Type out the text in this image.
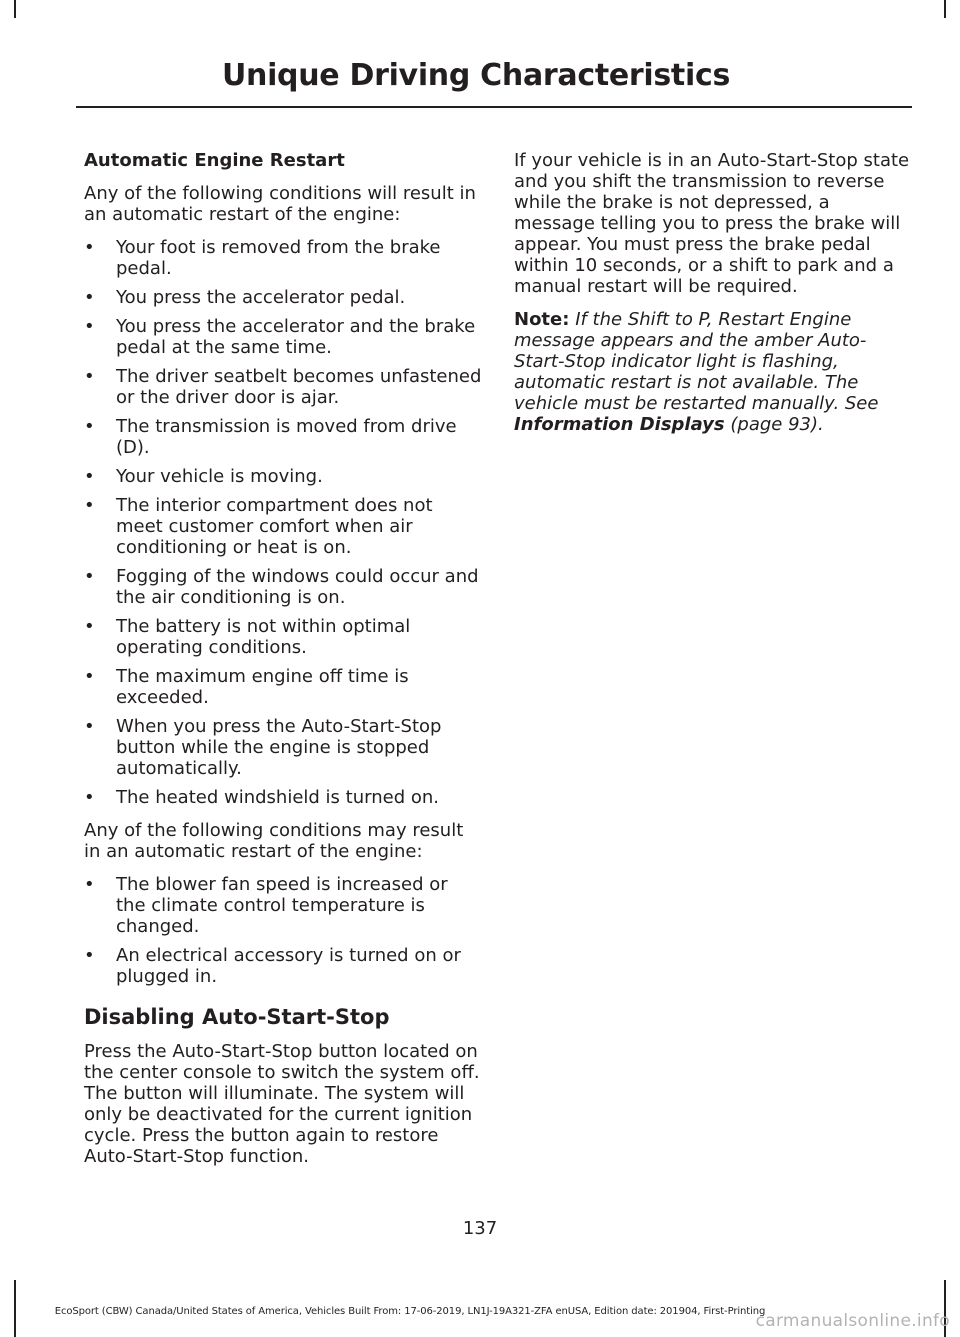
Unique Driving Characteristics
Automatic Engine Restart

Any of the following conditions will result in an automatic restart of the engine:

• Your foot is removed from the brake pedal.
• You press the accelerator pedal.
• You press the accelerator and the brake pedal at the same time.
• The driver seatbelt becomes unfastened or the driver door is ajar.
• The transmission is moved from drive (D).
• Your vehicle is moving.
• The interior compartment does not meet customer comfort when air conditioning or heat is on.
• Fogging of the windows could occur and the air conditioning is on.
• The battery is not within optimal operating conditions.
• The maximum engine off time is exceeded.
• When you press the Auto-Start-Stop button while the engine is stopped automatically.
• The heated windshield is turned on.

Any of the following conditions may result in an automatic restart of the engine:

• The blower fan speed is increased or the climate control temperature is changed.
• An electrical accessory is turned on or plugged in.
Disabling Auto-Start-Stop

Press the Auto-Start-Stop button located on the center console to switch the system off. The button will illuminate. The system will only be deactivated for the current ignition cycle. Press the button again to restore Auto-Start-Stop function.

If your vehicle is in an Auto-Start-Stop state and you shift the transmission to reverse while the brake is not depressed, a message telling you to press the brake will appear. You must press the brake pedal within 10 seconds, or a shift to park and a manual restart will be required.

Note: If the Shift to P, Restart Engine message appears and the amber Auto-Start-Stop indicator light is flashing, automatic restart is not available. The vehicle must be restarted manually. See Information Displays (page 93).

137
EcoSport (CBW) Canada/United States of America, Vehicles Built From: 17-06-2019, LN1J-19A321-ZFA enUSA, Edition date: 201904, First-Printing
carmanualsonline.info
